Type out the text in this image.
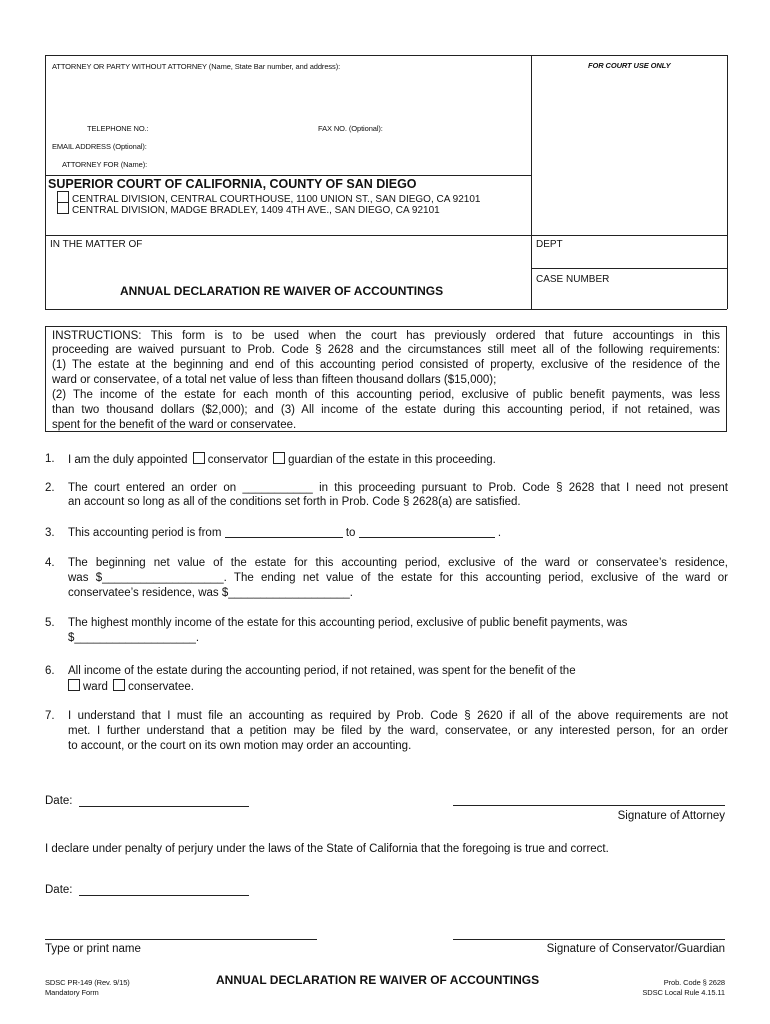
ATTORNEY OR PARTY WITHOUT ATTORNEY (Name, State Bar number, and address):	FOR COURT USE ONLY
TELEPHONE NO.:	FAX NO. (Optional):
EMAIL ADDRESS (Optional):
ATTORNEY FOR (Name):
SUPERIOR COURT OF CALIFORNIA, COUNTY OF SAN DIEGO
CENTRAL DIVISION, CENTRAL COURTHOUSE, 1100 UNION ST., SAN DIEGO, CA 92101
CENTRAL DIVISION, MADGE BRADLEY, 1409 4TH AVE., SAN DIEGO, CA 92101
IN THE MATTER OF	DEPT
CASE NUMBER
ANNUAL DECLARATION RE WAIVER OF ACCOUNTINGS
INSTRUCTIONS: This form is to be used when the court has previously ordered that future accountings in this
proceeding are waived pursuant to Prob. Code § 2628 and the circumstances still meet all of the following requirements:
(1) The estate at the beginning and end of this accounting period consisted of property, exclusive of the residence of the
ward or conservatee, of a total net value of less than fifteen thousand dollars ($15,000);
(2) The income of the estate for each month of this accounting period, exclusive of public benefit payments, was less
than two thousand dollars ($2,000); and (3) All income of the estate during this accounting period, if not retained, was
spent for the benefit of the ward or conservatee.
1. I am the duly appointed conservator guardian of the estate in this proceeding.
2. The court entered an order on ___________ in this proceeding pursuant to Prob. Code § 2628 that I need not present
an account so long as all of the conditions set forth in Prob. Code § 2628(a) are satisfied.
3. This accounting period is from	to	.
4. The beginning net value of the estate for this accounting period, exclusive of the ward or conservatee’s residence,
was $___________________. The ending net value of the estate for this accounting period, exclusive of the ward or
conservatee’s residence, was $___________________.
5. The highest monthly income of the estate for this accounting period, exclusive of public benefit payments, was
$___________________.
6. All income of the estate during the accounting period, if not retained, was spent for the benefit of the
ward conservatee.
7. I understand that I must file an accounting as required by Prob. Code § 2620 if all of the above requirements are not
met. I further understand that a petition may be filed by the ward, conservatee, or any interested person, for an order
to account, or the court on its own motion may order an accounting.
Date:
Signature of Attorney
I declare under penalty of perjury under the laws of the State of California that the foregoing is true and correct.
Date:
Type or print name	Signature of Conservator/Guardian
SDSC PR-149 (Rev. 9/15)
Mandatory Form
ANNUAL DECLARATION RE WAIVER OF ACCOUNTINGS	Prob. Code § 2628
SDSC Local Rule 4.15.11
